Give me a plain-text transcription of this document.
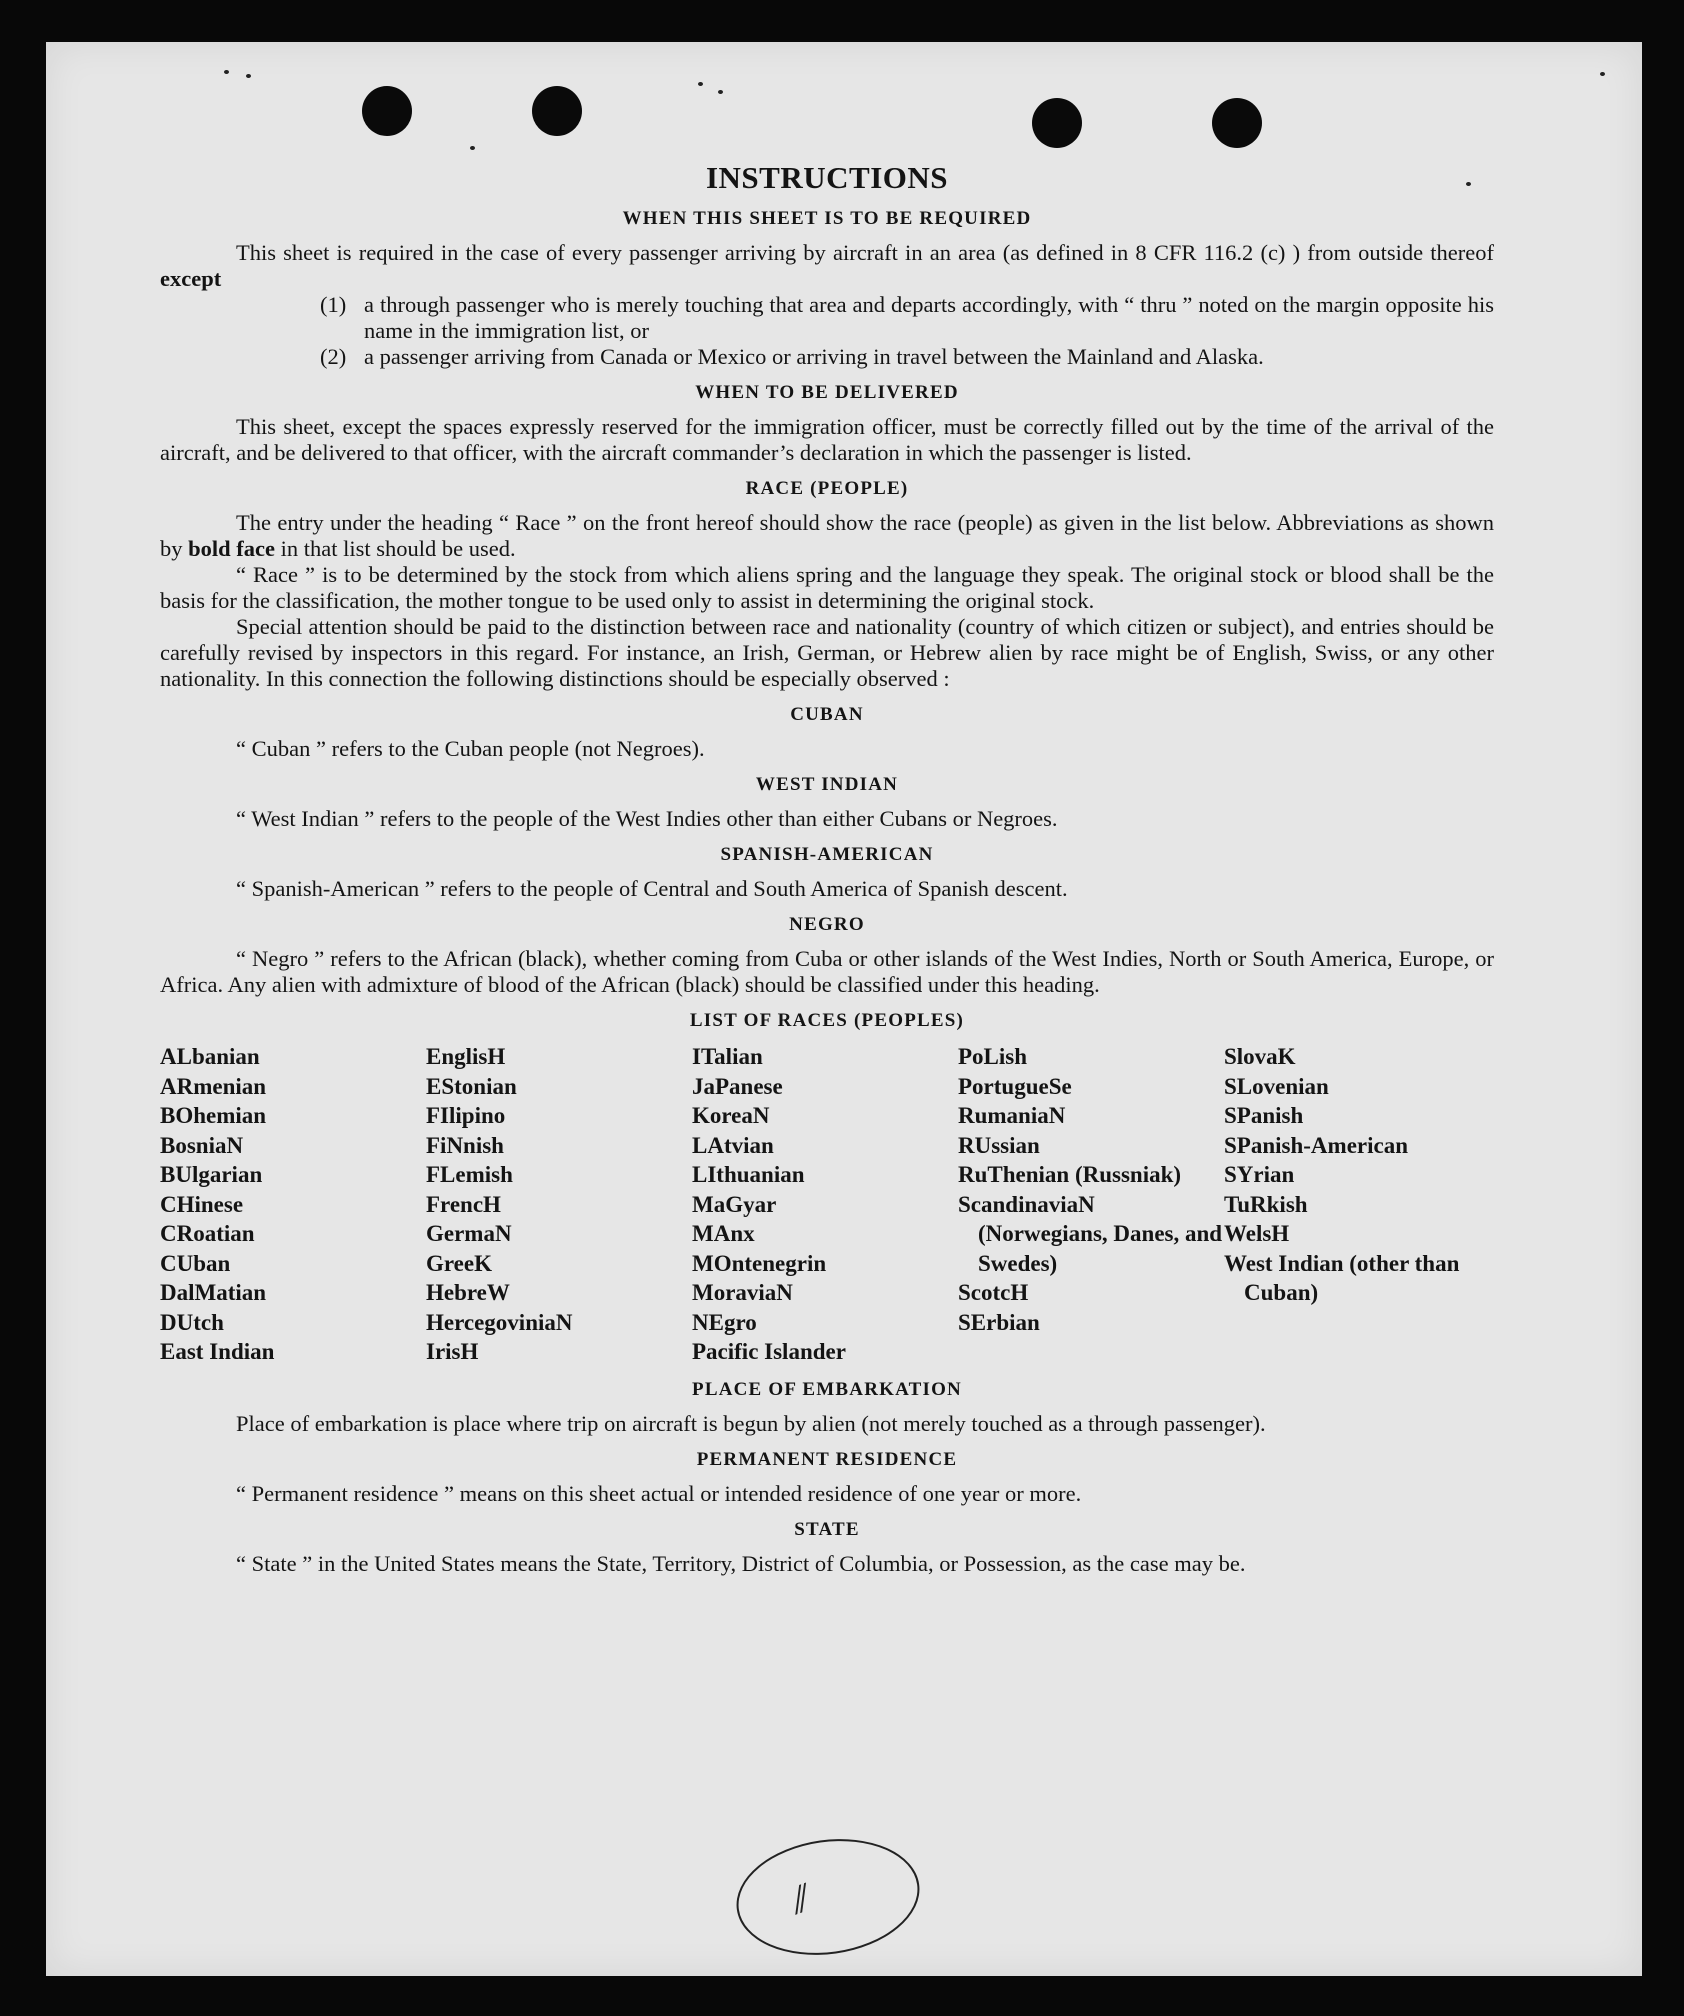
INSTRUCTIONS
WHEN THIS SHEET IS TO BE REQUIRED

This sheet is required in the case of every passenger arriving by aircraft in an area (as defined in 8 CFR 116.2 (c) ) from outside thereof except

(1) a through passenger who is merely touching that area and departs accordingly, with “ thru ” noted on the margin opposite his name in the immigration list, or
(2) a passenger arriving from Canada or Mexico or arriving in travel between the Mainland and Alaska.
WHEN TO BE DELIVERED

This sheet, except the spaces expressly reserved for the immigration officer, must be correctly filled out by the time of the arrival of the aircraft, and be delivered to that officer, with the aircraft commander’s declaration in which the passenger is listed.

RACE (PEOPLE)

The entry under the heading “ Race ” on the front hereof should show the race (people) as given in the list below. Abbreviations as shown by bold face in that list should be used.

“ Race ” is to be determined by the stock from which aliens spring and the language they speak. The original stock or blood shall be the basis for the classification, the mother tongue to be used only to assist in determining the original stock.

Special attention should be paid to the distinction between race and nationality (country of which citizen or subject), and entries should be carefully revised by inspectors in this regard. For instance, an Irish, German, or Hebrew alien by race might be of English, Swiss, or any other nationality. In this connection the following distinctions should be especially observed :

CUBAN

“ Cuban ” refers to the Cuban people (not Negroes).

WEST INDIAN

“ West Indian ” refers to the people of the West Indies other than either Cubans or Negroes.

SPANISH-AMERICAN

“ Spanish-American ” refers to the people of Central and South America of Spanish descent.

NEGRO

“ Negro ” refers to the African (black), whether coming from Cuba or other islands of the West Indies, North or South America, Europe, or Africa. Any alien with admixture of blood of the African (black) should be classified under this heading.

LIST OF RACES (PEOPLES)
ALbanian
ARmenian
BOhemian
BosniaN
BUlgarian
CHinese
CRoatian
CUban
DalMatian
DUtch
East Indian
EnglisH
EStonian
FIlipino
FiNnish
FLemish
FrencH
GermaN
GreeK
HebreW
HercegoviniaN
IrisH
ITalian
JaPanese
KoreaN
LAtvian
LIthuanian
MaGyar
MAnx
MOntenegrin
MoraviaN
NEgro
Pacific Islander
PoLish
PortugueSe
RumaniaN
RUssian
RuThenian (Russniak)
ScandinaviaN (Norwegians, Danes, and Swedes)
ScotcH
SErbian
SlovaK
SLovenian
SPanish
SPanish-American
SYrian
TuRkish
WelsH
West Indian (other than Cuban)
PLACE OF EMBARKATION

Place of embarkation is place where trip on aircraft is begun by alien (not merely touched as a through passenger).

PERMANENT RESIDENCE

“ Permanent residence ” means on this sheet actual or intended residence of one year or more.

STATE

“ State ” in the United States means the State, Territory, District of Columbia, or Possession, as the case may be.

//
